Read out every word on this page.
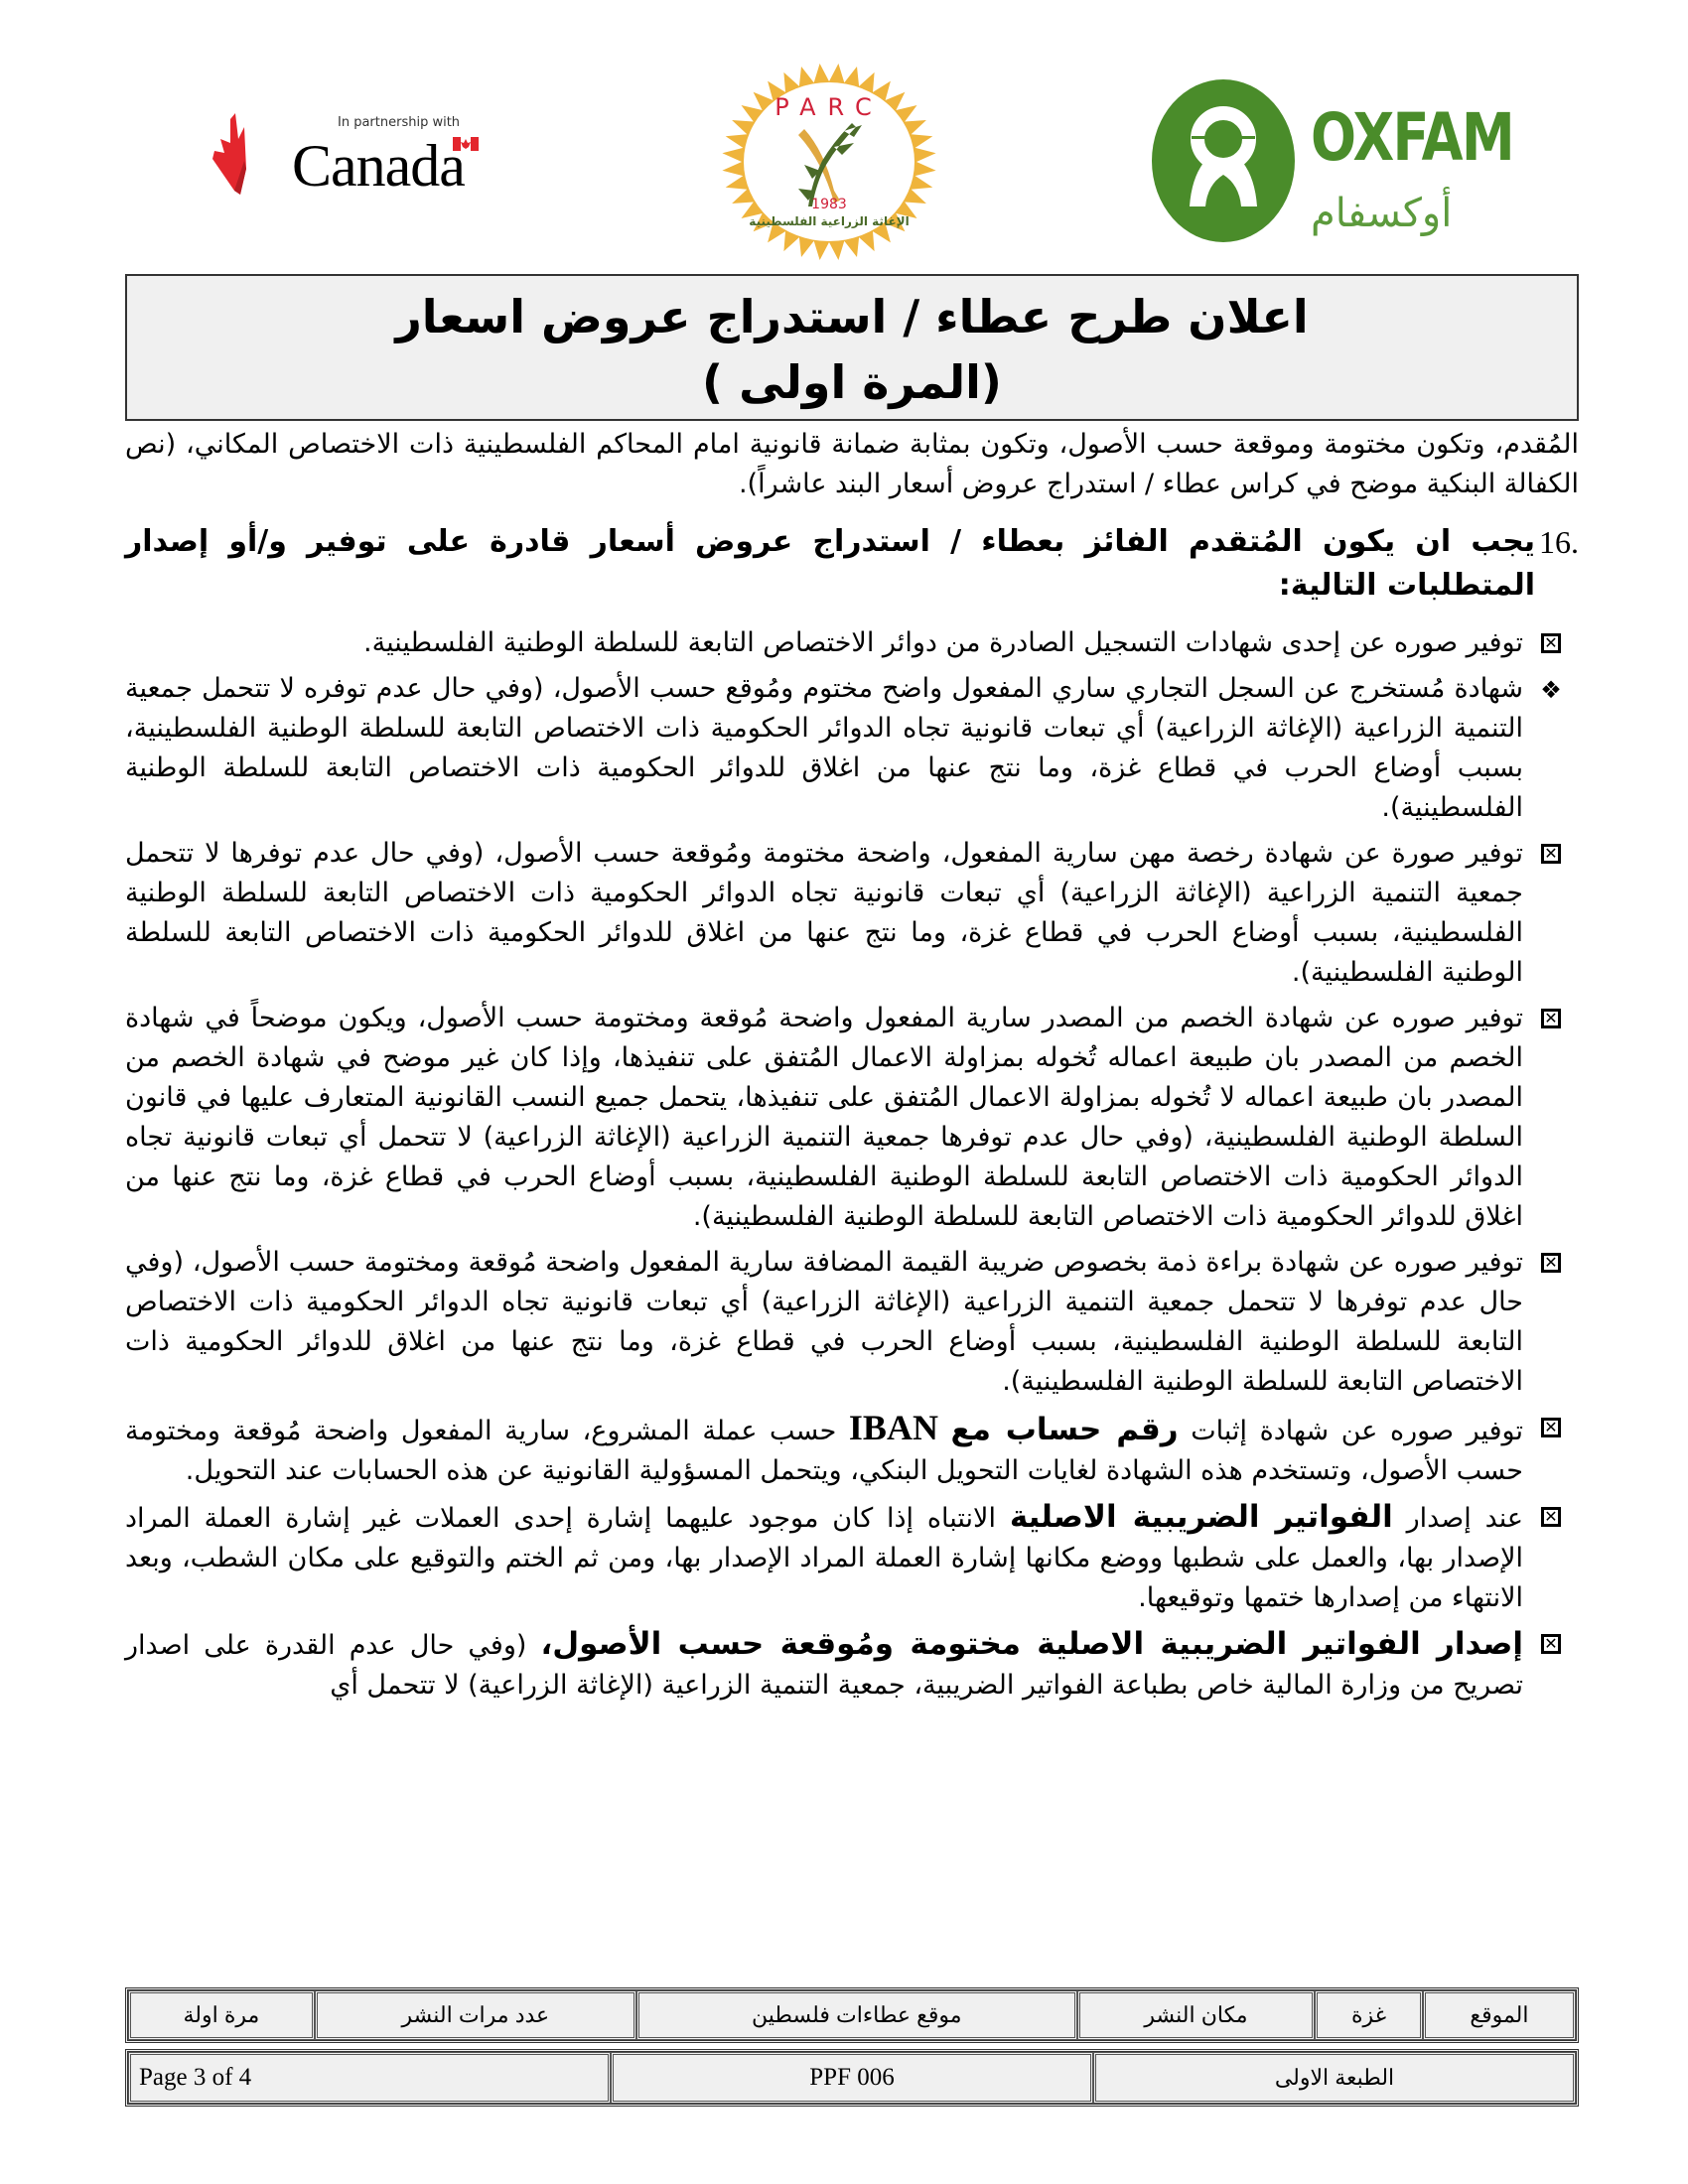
In partnership with
Canada
PARC
1983
الإغاثة الزراعية الفلسطينية
OXFAM
أوكسفام
اعلان طرح عطاء / استدراج عروض اسعار
(المرة اولى )
المُقدم، وتكون مختومة وموقعة حسب الأصول، وتكون بمثابة ضمانة قانونية امام المحاكم الفلسطينية ذات الاختصاص المكاني، (نص الكفالة البنكية موضح في كراس عطاء / استدراج عروض أسعار البند عاشراً).
16.
يجب ان يكون المُتقدم الفائز بعطاء / استدراج عروض أسعار قادرة على توفير و/أو إصدار المتطلبات التالية:
✕
توفير صوره عن إحدى شهادات التسجيل الصادرة من دوائر الاختصاص التابعة للسلطة الوطنية الفلسطينية.
❖
شهادة مُستخرج عن السجل التجاري ساري المفعول واضح مختوم ومُوقع حسب الأصول، (وفي حال عدم توفره لا تتحمل جمعية التنمية الزراعية (الإغاثة الزراعية) أي تبعات قانونية تجاه الدوائر الحكومية ذات الاختصاص التابعة للسلطة الوطنية الفلسطينية، بسبب أوضاع الحرب في قطاع غزة، وما نتج عنها من اغلاق للدوائر الحكومية ذات الاختصاص التابعة للسلطة الوطنية الفلسطينية).
✕
توفير صورة عن شهادة رخصة مهن سارية المفعول، واضحة مختومة ومُوقعة حسب الأصول، (وفي حال عدم توفرها لا تتحمل جمعية التنمية الزراعية (الإغاثة الزراعية) أي تبعات قانونية تجاه الدوائر الحكومية ذات الاختصاص التابعة للسلطة الوطنية الفلسطينية، بسبب أوضاع الحرب في قطاع غزة، وما نتج عنها من اغلاق للدوائر الحكومية ذات الاختصاص التابعة للسلطة الوطنية الفلسطينية).
✕
توفير صوره عن شهادة الخصم من المصدر سارية المفعول واضحة مُوقعة ومختومة حسب الأصول، ويكون موضحاً في شهادة الخصم من المصدر بان طبيعة اعماله تُخوله بمزاولة الاعمال المُتفق على تنفيذها، وإذا كان غير موضح في شهادة الخصم من المصدر بان طبيعة اعماله لا تُخوله بمزاولة الاعمال المُتفق على تنفيذها، يتحمل جميع النسب القانونية المتعارف عليها في قانون السلطة الوطنية الفلسطينية، (وفي حال عدم توفرها جمعية التنمية الزراعية (الإغاثة الزراعية) لا تتحمل أي تبعات قانونية تجاه الدوائر الحكومية ذات الاختصاص التابعة للسلطة الوطنية الفلسطينية، بسبب أوضاع الحرب في قطاع غزة، وما نتج عنها من اغلاق للدوائر الحكومية ذات الاختصاص التابعة للسلطة الوطنية الفلسطينية).
✕
توفير صوره عن شهادة براءة ذمة بخصوص ضريبة القيمة المضافة سارية المفعول واضحة مُوقعة ومختومة حسب الأصول، (وفي حال عدم توفرها لا تتحمل جمعية التنمية الزراعية (الإغاثة الزراعية) أي تبعات قانونية تجاه الدوائر الحكومية ذات الاختصاص التابعة للسلطة الوطنية الفلسطينية، بسبب أوضاع الحرب في قطاع غزة، وما نتج عنها من اغلاق للدوائر الحكومية ذات الاختصاص التابعة للسلطة الوطنية الفلسطينية).
✕
توفير صوره عن شهادة إثبات رقم حساب مع IBAN حسب عملة المشروع، سارية المفعول واضحة مُوقعة ومختومة حسب الأصول، وتستخدم هذه الشهادة لغايات التحويل البنكي، ويتحمل المسؤولية القانونية عن هذه الحسابات عند التحويل.
✕
عند إصدار الفواتير الضريبية الاصلية الانتباه إذا كان موجود عليهما إشارة إحدى العملات غير إشارة العملة المراد الإصدار بها، والعمل على شطبها ووضع مكانها إشارة العملة المراد الإصدار بها، ومن ثم الختم والتوقيع على مكان الشطب، وبعد الانتهاء من إصدارها ختمها وتوقيعها.
✕
إصدار الفواتير الضريبية الاصلية مختومة ومُوقعة حسب الأصول، (وفي حال عدم القدرة على اصدار تصريح من وزارة المالية خاص بطباعة الفواتير الضريبية، جمعية التنمية الزراعية (الإغاثة الزراعية) لا تتحمل أي
الموقع	غزة	مكان النشر	موقع عطاءات فلسطين	عدد مرات النشر	مرة اولة
الطبعة الاولى	PPF 006	Page 3 of 4
